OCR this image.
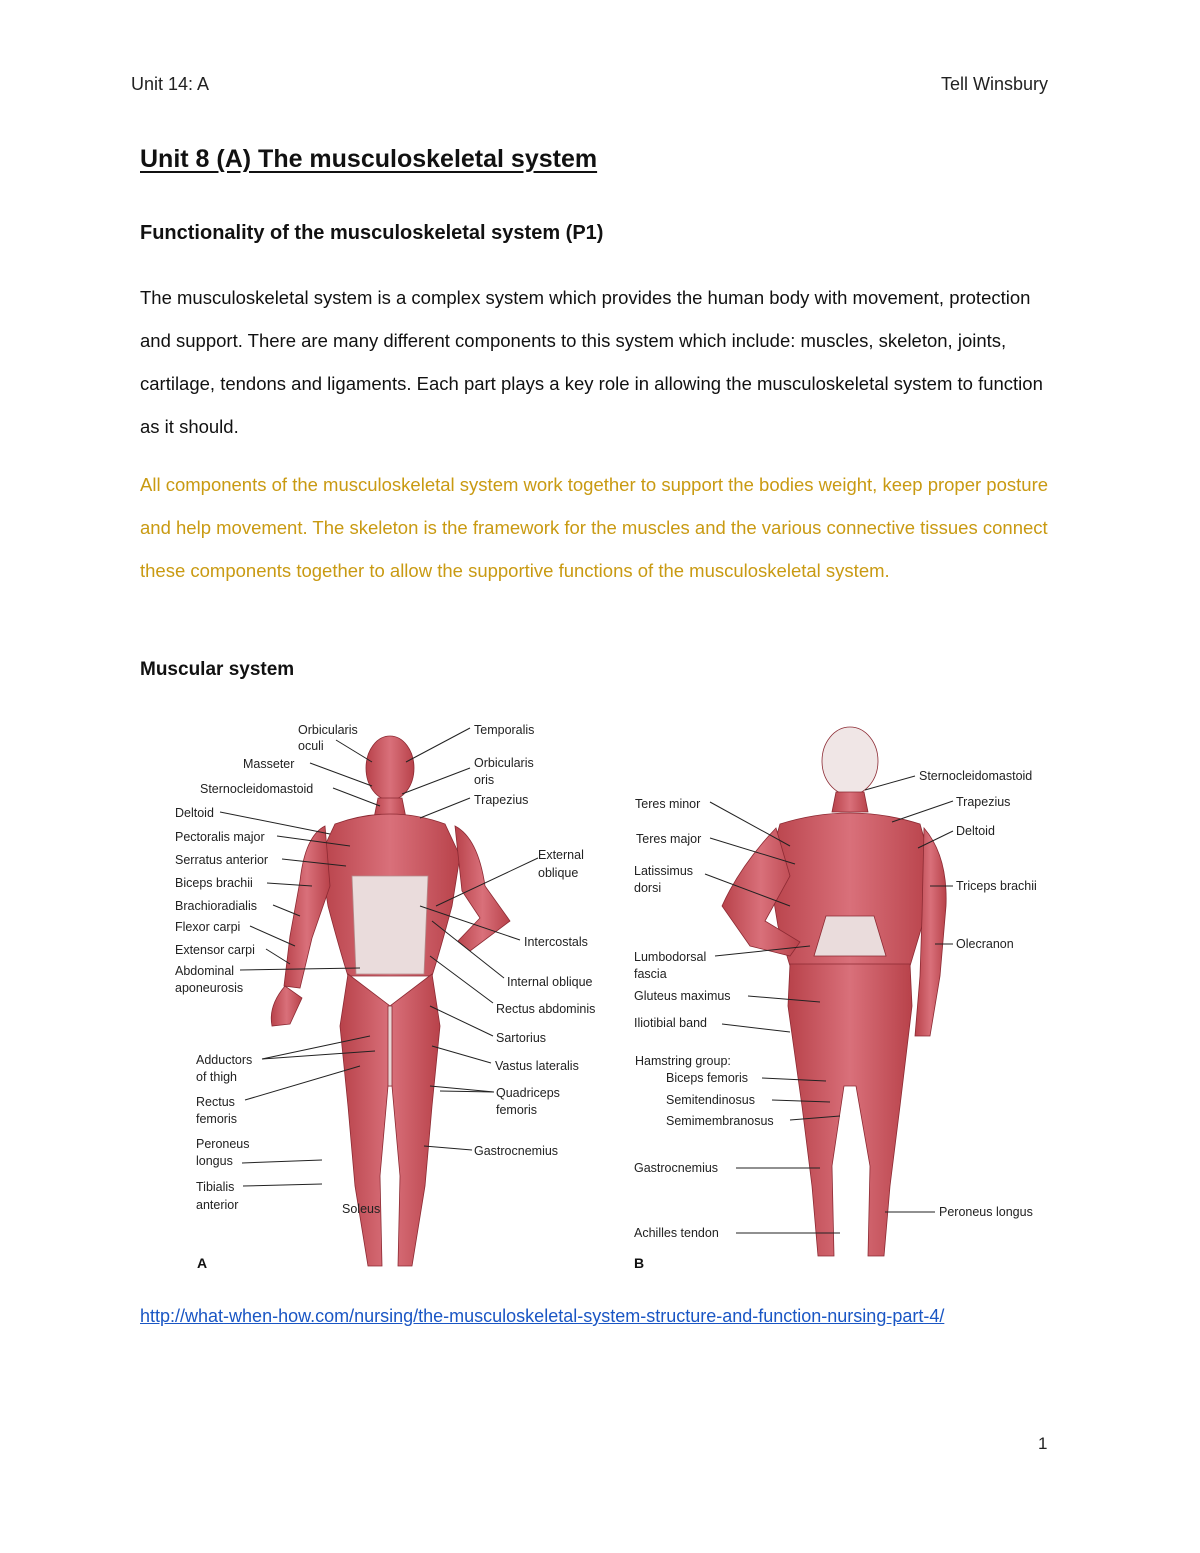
Unit 14: A	Tell Winsbury
Unit 8 (A) The musculoskeletal system
Functionality of the musculoskeletal system (P1)
The musculoskeletal system is a complex system which provides the human body with movement, protection and support. There are many different components to this system which include: muscles, skeleton, joints, cartilage, tendons and ligaments. Each part plays a key role in allowing the musculoskeletal system to function as it should.
All components of the musculoskeletal system work together to support the bodies weight, keep proper posture and help movement. The skeleton is the framework for the muscles and the various connective tissues connect these components together to allow the supportive functions of the musculoskeletal system.
Muscular system
Orbicularis
oculi
Masseter
Sternocleidomastoid
Deltoid
Pectoralis major
Serratus anterior
Biceps brachii
Brachioradialis
Flexor carpi
Extensor carpi
Abdominal
aponeurosis
Adductors
of thigh
Rectus
femoris
Peroneus
longus
Tibialis
anterior	Soleus
A
Temporalis
Orbicularis
oris
Trapezius
External
oblique
Intercostals
Internal oblique
Rectus abdominis
Sartorius
Vastus lateralis
Quadriceps
femoris
Gastrocnemius
Teres minor
Teres major
Latissimus
dorsi
Lumbodorsal
fascia
Gluteus maximus
Iliotibial band
Hamstring group:
Biceps femoris
Semitendinosus
Semimembranosus
Gastrocnemius
Achilles tendon
B
Sternocleidomastoid
Trapezius
Deltoid
Triceps brachii
Olecranon
Peroneus longus
http://what-when-how.com/nursing/the-musculoskeletal-system-structure-and-function-nursing-part-4/
1
